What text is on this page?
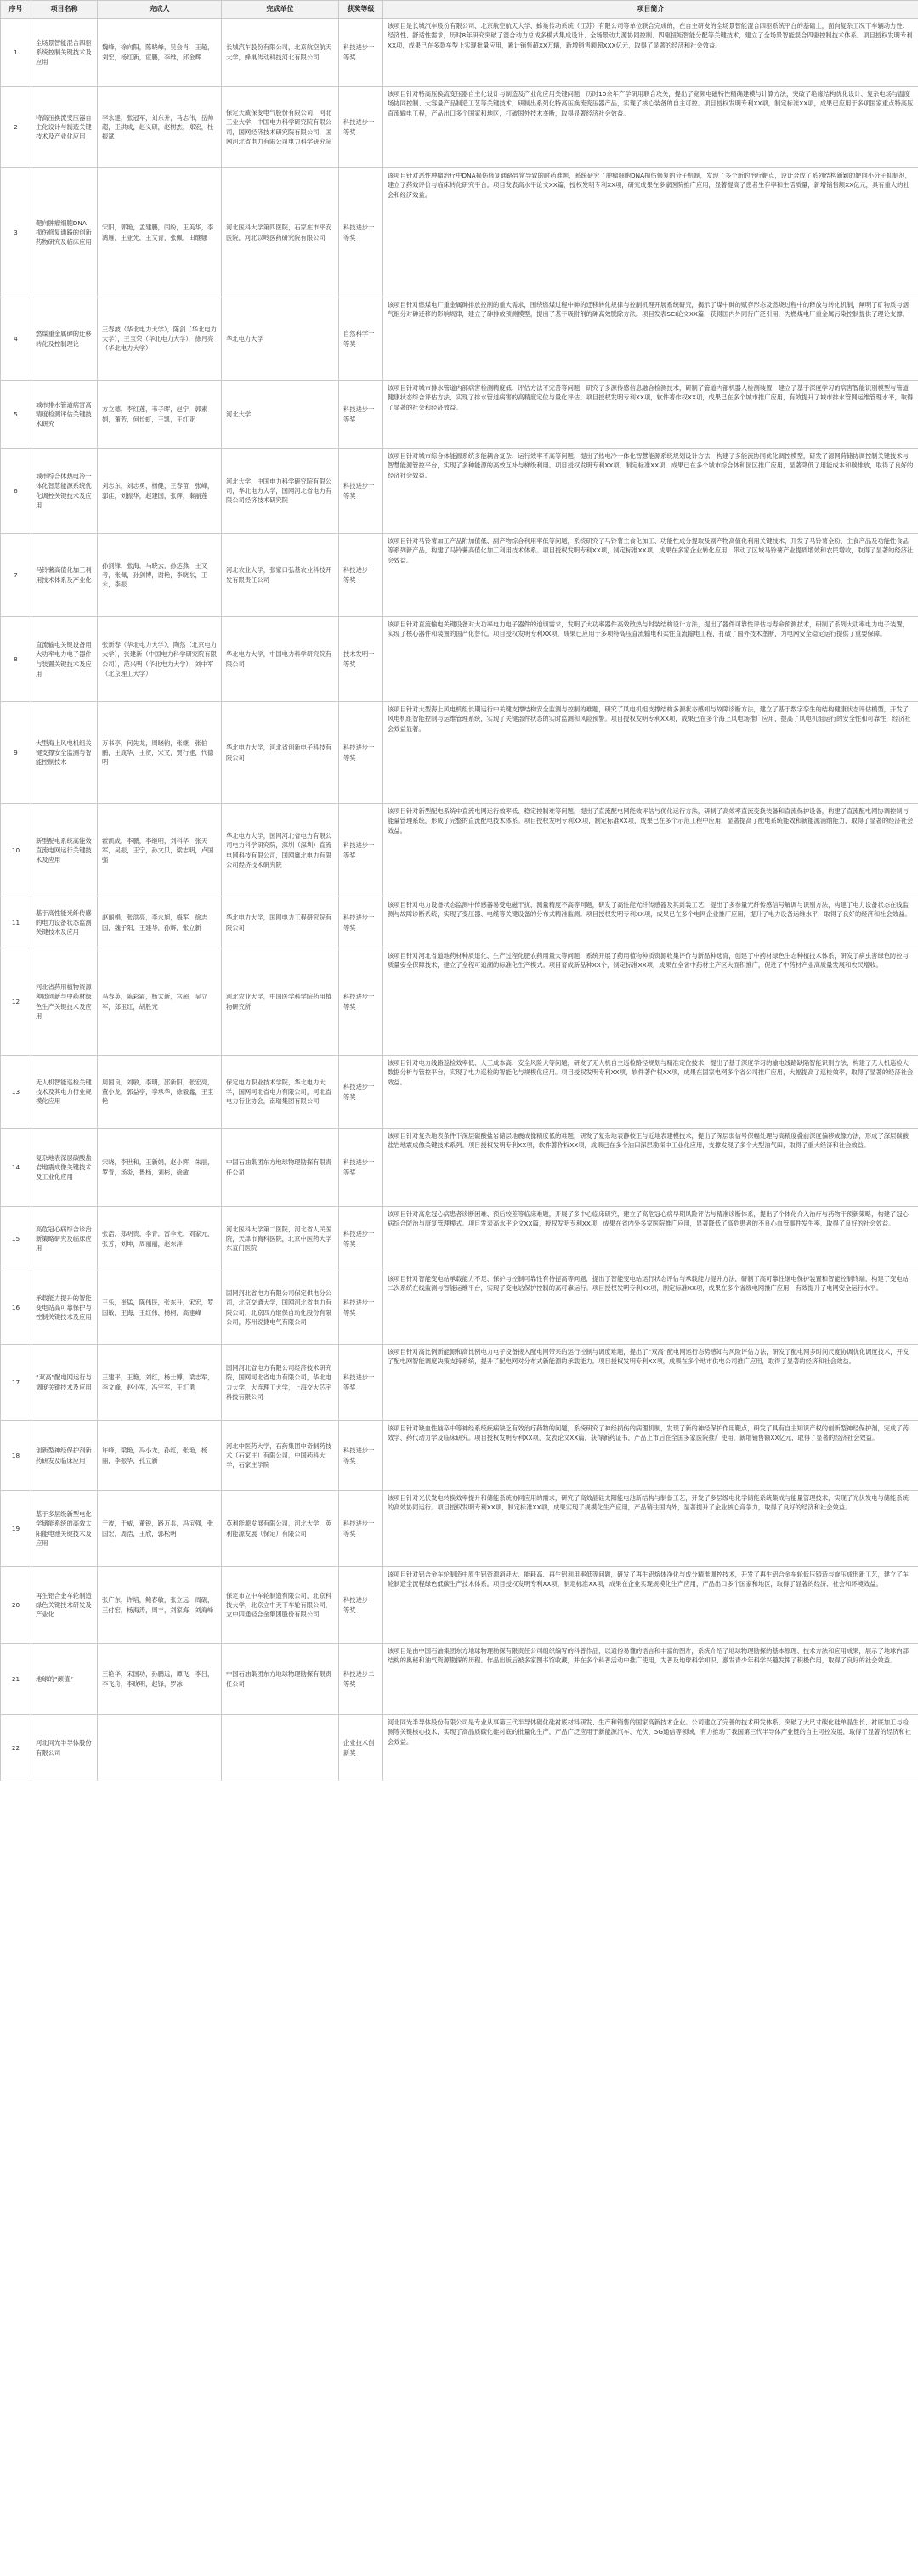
序号	项目名称	完成人	完成单位	获奖等级	项目简介
1	全场景智能混合四驱系统控制关键技术及应用	魏峰，徐向阳，陈晓峰，吴会肖，王超，刘宏，杨红新，宦鹏，李维，邱金辉	长城汽车股份有限公司，北京航空航天大学，蜂巢传动科技河北有限公司	科技进步一等奖	该项目是长城汽车股份有限公司、北京航空航天大学、蜂巢传动系统（江苏）有限公司等单位联合完成的，在自主研发的全场景智能混合四驱系统平台的基础上，面向复杂工况下车辆动力性、经济性、舒适性需求，历时8年研究突破了混合动力总成多模式集成设计、全场景动力源协同控制、四驱扭矩智能分配等关键技术，建立了全场景智能混合四驱控制技术体系。项目授权发明专利XX项，成果已在多款车型上实现批量应用，累计销售超XX万辆，新增销售额超XXX亿元，取得了显著的经济和社会效益。
2	特高压换流变压器自主化设计与制造关键技术及产业化应用	李永建，张冠军，刘东升，马志伟，岳帅超，王洪成，赵义研，赵树杰，郑宏，杜振斌	保定天威保变电气股份有限公司，河北工业大学，中国电力科学研究院有限公司，国网经济技术研究院有限公司，国网河北省电力有限公司电力科学研究院	科技进步一等奖	该项目针对特高压换流变压器自主化设计与制造及产业化应用关键问题，历时10余年产学研用联合攻关，提出了宽频电磁特性精确建模与计算方法，突破了绝缘结构优化设计、复杂电场与温度场协同控制、大容量产品制造工艺等关键技术，研制出系列化特高压换流变压器产品，实现了核心装备的自主可控。项目授权发明专利XX项，制定标准XX项，成果已应用于多项国家重点特高压直流输电工程，产品出口多个国家和地区，打破国外技术垄断，取得显著经济社会效益。
3	靶向肿瘤细胞DNA损伤修复通路的创新药物研究及临床应用	宋阳，郭艳，孟建鹏，闫纷，王美华，李鸿雁，王亚光，王文青，张佩，田继娜	河北医科大学第四医院，石家庄市平安医院，河北以岭医药研究院有限公司	科技进步一等奖	该项目针对恶性肿瘤治疗中DNA损伤修复通路异常导致的耐药难题，系统研究了肿瘤细胞DNA损伤修复的分子机制，发现了多个新的治疗靶点，设计合成了系列结构新颖的靶向小分子抑制剂，建立了药效评价与临床转化研究平台。项目发表高水平论文XX篇，授权发明专利XX项，研究成果在多家医院推广应用，显著提高了患者生存率和生活质量，新增销售额XX亿元，具有重大的社会和经济效益。
4	燃煤重金属砷的迁移转化及控制理论	王春波（华北电力大学），陈剑（华北电力大学），王宝荣（华北电力大学），徐月亮（华北电力大学）	华北电力大学	自然科学一等奖	该项目针对燃煤电厂重金属砷排放控制的重大需求，围绕燃煤过程中砷的迁移转化规律与控制机理开展系统研究，揭示了煤中砷的赋存形态及燃烧过程中的释放与转化机制，阐明了矿物质与烟气组分对砷迁移的影响规律，建立了砷排放预测模型，提出了基于吸附剂的砷高效脱除方法。项目发表SCI论文XX篇，获得国内外同行广泛引用，为燃煤电厂重金属污染控制提供了理论支撑。
5	城市排水管道病害高精度检测评估关键技术研究	方立德，李红莲，韦子晖，赵宁，郭素娟，董芳，何长虹，王凯，王红亚	河北大学	科技进步一等奖	该项目针对城市排水管道内部病害检测精度低、评估方法不完善等问题，研究了多源传感信息融合检测技术，研制了管道内部机器人检测装置，建立了基于深度学习的病害智能识别模型与管道健康状态综合评估方法，实现了排水管道病害的高精度定位与量化评估。项目授权发明专利XX项，软件著作权XX项，成果已在多个城市推广应用，有效提升了城市排水管网运维管理水平，取得了显著的社会和经济效益。
6	城市综合体热电冷一体化智慧能源系统优化调控关键技术及应用	刘志东，刘志勇，杨健，王春苗，张峰，郭佳，刘振华，赵建国，张辉，秦丽莲	河北大学，中国电力科学研究院有限公司，华北电力大学，国网河北省电力有限公司经济技术研究院	科技进步一等奖	该项目针对城市综合体能源系统多能耦合复杂、运行效率不高等问题，提出了热电冷一体化智慧能源系统规划设计方法，构建了多能流协同优化调控模型，研发了源网荷储协调控制关键技术与智慧能源管控平台，实现了多种能源的高效互补与梯级利用。项目授权发明专利XX项，制定标准XX项，成果已在多个城市综合体和园区推广应用，显著降低了用能成本和碳排放，取得了良好的经济社会效益。
7	马铃薯高值化加工利用技术体系及产业化	孙剑锋，张海，马晓云，孙达燕，王文考，张佩，孙剑博，谢艳，李晓东，王永，李振	河北农业大学，张家口弘基农业科技开发有限责任公司	科技进步一等奖	该项目针对马铃薯加工产品附加值低、副产物综合利用率低等问题，系统研究了马铃薯主食化加工、功能性成分提取及副产物高值化利用关键技术，开发了马铃薯全粉、主食产品及功能性食品等系列新产品，构建了马铃薯高值化加工利用技术体系。项目授权发明专利XX项，制定标准XX项，成果在多家企业转化应用，带动了区域马铃薯产业提质增效和农民增收，取得了显著的经济社会效益。
8	直流输电关键设备用大功率电力电子器件与装置关键技术及应用	张新春（华北电力大学），陶然（北京电力大学），张建新（中国电力科学研究院有限公司），范兴明（华北电力大学），刘中军（北京理工大学）	华北电力大学，中国电力科学研究院有限公司	技术发明一等奖	该项目针对直流输电关键设备对大功率电力电子器件的迫切需求，发明了大功率器件高效散热与封装结构设计方法，提出了器件可靠性评估与寿命预测技术，研制了系列大功率电力电子装置，实现了核心器件和装置的国产化替代。项目授权发明专利XX项，成果已应用于多项特高压直流输电和柔性直流输电工程，打破了国外技术垄断，为电网安全稳定运行提供了重要保障。
9	大型海上风电机组关键支撑安全监测与智能控制技术	万书亭，何先龙，周晓钧，张继，张伯鹏，王成华，王贺，宋文，贾行建，代德明	华北电力大学，河北省创新电子科技有限公司	科技进步一等奖	该项目针对大型海上风电机组长期运行中关键支撑结构安全监测与控制的难题，研究了风电机组支撑结构多源状态感知与故障诊断方法，建立了基于数字孪生的结构健康状态评估模型，开发了风电机组智能控制与运维管理系统，实现了关键部件状态的实时监测和风险预警。项目授权发明专利XX项，成果已在多个海上风电场推广应用，提高了风电机组运行的安全性和可靠性，经济社会效益显著。
10	新型配电系统高能效直流电网运行关键技术及应用	霍凯成，李鹏，李继明，刘科华，张天军，吴振，王宁，孙文贝，梁志明，卢国强	华北电力大学，国网河北省电力有限公司电力科学研究院，深圳（深圳）直流电网科技有限公司，国网冀北电力有限公司经济技术研究院	科技进步一等奖	该项目针对新型配电系统中直流电网运行效率低、稳定控制难等问题，提出了直流配电网能效评估与优化运行方法，研制了高效率直流变换装备和直流保护设备，构建了直流配电网协调控制与能量管理系统，形成了完整的直流配电技术体系。项目授权发明专利XX项，制定标准XX项，成果已在多个示范工程中应用，显著提高了配电系统能效和新能源消纳能力，取得了显著的经济社会效益。
11	基于高性能光纤传感的电力设备状态监测关键技术及应用	赵丽娟，张洪亮，李永旭，梅军，徐志国，魏子阳，王建华，孙辉，张立新	华北电力大学，国网电力工程研究院有限公司	科技进步一等奖	该项目针对电力设备状态监测中传感器易受电磁干扰、测量精度不高等问题，研发了高性能光纤传感器及其封装工艺，提出了多参量光纤传感信号解调与识别方法，构建了电力设备状态在线监测与故障诊断系统，实现了变压器、电缆等关键设备的分布式精准监测。项目授权发明专利XX项，成果已在多个电网企业推广应用，提升了电力设备运维水平，取得了良好的经济和社会效益。
12	河北省药用植物资源种质创新与中药材绿色生产关键技术及应用	马春英，陈彩霞，杨太新，宫超，吴立军，郑玉红，胡胜光	河北农业大学，中国医学科学院药用植物研究所	科技进步一等奖	该项目针对河北省道地药材种质退化、生产过程化肥农药用量大等问题，系统开展了药用植物种质资源收集评价与新品种选育，创建了中药材绿色生态种植技术体系，研发了病虫害绿色防控与质量安全保障技术，建立了全程可追溯的标准化生产模式。项目育成新品种XX个，制定标准XX项，成果在全省中药材主产区大面积推广，促进了中药材产业高质量发展和农民增收。
13	无人机智能巡检关键技术及其电力行业规模化应用	周国良，刘敏，李明，邵新阳，张宏亮，董小龙，郭益亭，李承华，徐毅鑫，王宝艳	保定电力职业技术学院，华北电力大学，国网河北省电力有限公司，河北省电力行业协会，南瑞集团有限公司	科技进步一等奖	该项目针对电力线路巡检效率低、人工成本高、安全风险大等问题，研发了无人机自主巡检路径规划与精准定位技术，提出了基于深度学习的输电线路缺陷智能识别方法，构建了无人机巡检大数据分析与管控平台，实现了电力巡检的智能化与规模化应用。项目授权发明专利XX项，软件著作权XX项，成果在国家电网多个省公司推广应用，大幅提高了巡检效率，取得了显著的经济社会效益。
14	复杂地表深层碳酸盐岩地震成像关键技术及工业化应用	宋晓，李世和，王新娟，赵小辉，朱丽，罗青，汤炎，鲁杨，刘彬，徐敏	中国石油集团东方地球物理勘探有限责任公司	科技进步一等奖	该项目针对复杂地表条件下深层碳酸盐岩储层地震成像精度低的难题，研发了复杂地表静校正与近地表建模技术，提出了深层弱信号保幅处理与高精度叠前深度偏移成像方法，形成了深层碳酸盐岩地震成像关键技术系列。项目授权发明专利XX项，软件著作权XX项，成果已在多个油田深层勘探中工业化应用，支撑发现了多个大型油气田，取得了重大经济和社会效益。
15	高危冠心病综合诊治新策略研究及临床应用	张浩，郑明贵，李青，雷李光，刘家元，张芳，刘坤，周丽丽，赵东洋	河北医科大学第二医院，河北省人民医院，天津市胸科医院，北京中医药大学东直门医院	科技进步一等奖	该项目针对高危冠心病患者诊断困难、预后较差等临床难题，开展了多中心临床研究，建立了高危冠心病早期风险评估与精准诊断体系，提出了个体化介入治疗与药物干预新策略，构建了冠心病综合防治与康复管理模式。项目发表高水平论文XX篇，授权发明专利XX项，成果在省内外多家医院推广应用，显著降低了高危患者的不良心血管事件发生率，取得了良好的社会效益。
16	承载能力提升的智能变电站高可靠保护与控制关键技术及应用	王乐，崔猛，陈伟民，张东升，宋宏，罗国敏，王海，王红伟，杨柯，高建峰	国网河北省电力有限公司保定供电分公司，北京交通大学，国网河北省电力有限公司，北京四方继保自动化股份有限公司，苏州锐捷电气有限公司	科技进步一等奖	该项目针对智能变电站承载能力不足、保护与控制可靠性有待提高等问题，提出了智能变电站运行状态评估与承载能力提升方法，研制了高可靠性继电保护装置和智能控制终端，构建了变电站二次系统在线监测与智能运维平台，实现了变电站保护控制的高可靠运行。项目授权发明专利XX项，制定标准XX项，成果在多个省级电网推广应用，有效提升了电网安全运行水平。
17	“双高”配电网运行与调度关键技术及应用	王建平，王艳，刘红，杨士博，梁志军，李文峰，赵小军，冯宇军，王汇勇	国网河北省电力有限公司经济技术研究院，国网河北省电力有限公司，华北电力大学，大连理工大学，上海交大芯宇科技有限公司	科技进步一等奖	该项目针对高比例新能源和高比例电力电子设备接入配电网带来的运行控制与调度难题，提出了“双高”配电网运行态势感知与风险评估方法，研发了配电网多时间尺度协调优化调度技术，开发了配电网智能调度决策支持系统，提升了配电网对分布式新能源的承载能力。项目授权发明专利XX项，成果在多个地市供电公司推广应用，取得了显著的经济和社会效益。
18	创新型神经保护剂新药研发及临床应用	许峰，梁艳，冯小龙，孙红，张艳，杨丽，李振华，孔立新	河北中医药大学，石药集团中奇制药技术（石家庄）有限公司，中国药科大学，石家庄学院	科技进步一等奖	该项目针对缺血性脑卒中等神经系统疾病缺乏有效治疗药物的问题，系统研究了神经损伤的病理机制，发现了新的神经保护作用靶点，研发了具有自主知识产权的创新型神经保护剂，完成了药效学、药代动力学及临床研究。项目授权发明专利XX项，发表论文XX篇，获得新药证书，产品上市后在全国多家医院推广使用，新增销售额XX亿元，取得了显著的经济社会效益。
19	基于多层级新型电化学储能系统的高效太阳能电池关键技术及应用	于波，于威，董锐，路万兵，冯宝强，张国宏，周浩，王欣，郭松明	英利能源发展有限公司，河北大学，英利能源发展（保定）有限公司	科技进步一等奖	该项目针对光伏发电转换效率提升和储能系统协同应用的需求，研究了高效晶硅太阳能电池新结构与制备工艺，开发了多层级电化学储能系统集成与能量管理技术，实现了光伏发电与储能系统的高效协同运行。项目授权发明专利XX项，制定标准XX项，成果实现了规模化生产应用，产品销往国内外，显著提升了企业核心竞争力，取得了良好的经济和社会效益。
20	再生铝合金车轮制造绿色关键技术研发及产业化	张广东，许培，鲍春敏，张立远，周砺，王付宏，杨海涛，周丰，刘家海，刘海峰	保定市立中车轮制造有限公司，北京科技大学，北京立中天下车轮有限公司，立中四通轻合金集团股份有限公司	科技进步一等奖	该项目针对铝合金车轮制造中原生铝资源消耗大、能耗高、再生铝利用率低等问题，研发了再生铝熔体净化与成分精准调控技术，开发了再生铝合金车轮低压铸造与旋压成形新工艺，建立了车轮制造全流程绿色低碳生产技术体系。项目授权发明专利XX项，制定标准XX项，成果在企业实现规模化生产应用，产品出口多个国家和地区，取得了显著的经济、社会和环境效益。
21	地球的“颜值”	王艳华，宋国功，孙鹏远，谭飞，李吕，李飞舟，李晓明，赵锋，罗冰	中国石油集团东方地球物理勘探有限责任公司	科技进步二等奖	该项目是由中国石油集团东方地球物理勘探有限责任公司组织编写的科普作品，以通俗易懂的语言和丰富的图片，系统介绍了地球物理勘探的基本原理、技术方法和应用成果，展示了地球内部结构的奥秘和油气资源勘探的历程。作品出版后被多家图书馆收藏，并在多个科普活动中推广使用，为普及地球科学知识、激发青少年科学兴趣发挥了积极作用，取得了良好的社会效益。
22	河北同光半导体股份有限公司			企业技术创新奖	河北同光半导体股份有限公司是专业从事第三代半导体碳化硅衬底材料研发、生产和销售的国家高新技术企业。公司建立了完善的技术研发体系，突破了大尺寸碳化硅单晶生长、衬底加工与检测等关键核心技术，实现了高品质碳化硅衬底的批量化生产，产品广泛应用于新能源汽车、光伏、5G通信等领域，有力推动了我国第三代半导体产业链的自主可控发展，取得了显著的经济和社会效益。
